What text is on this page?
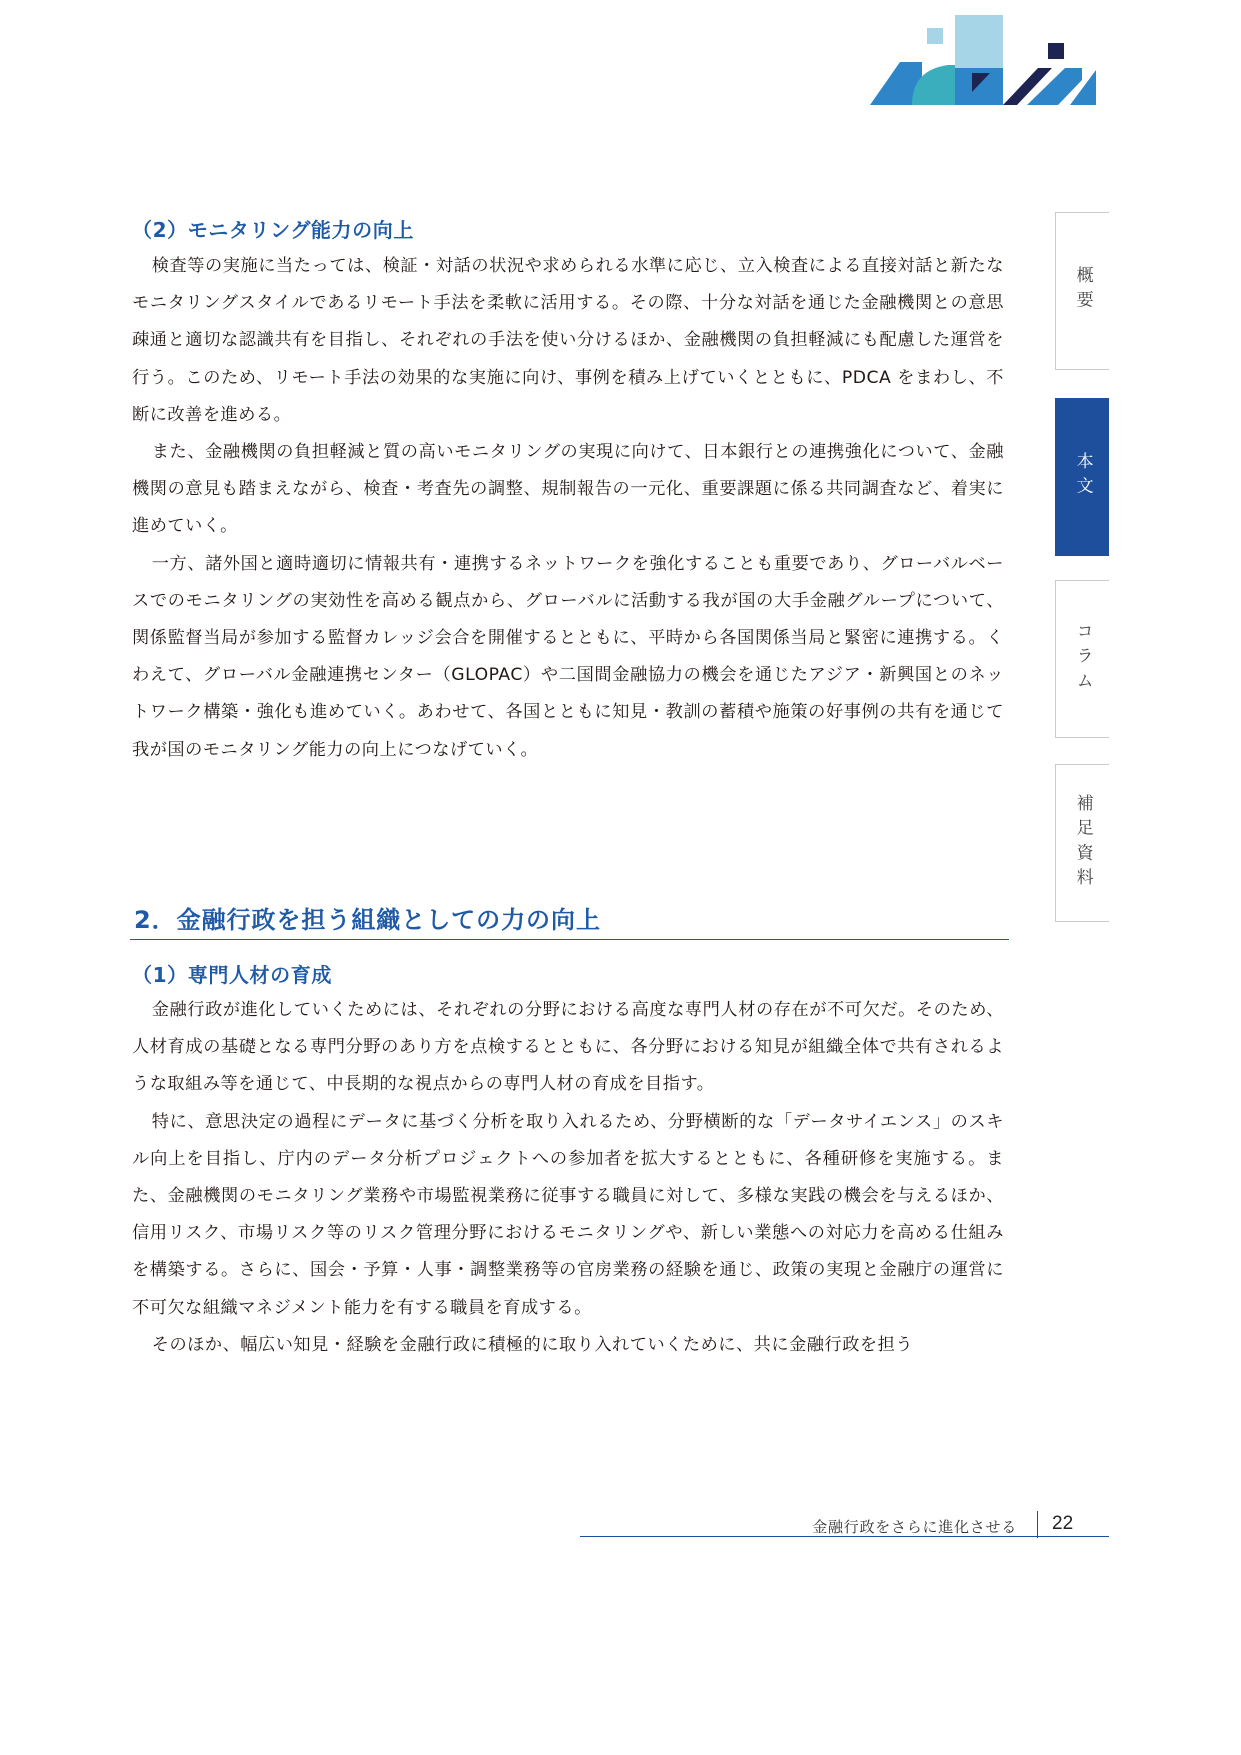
概要
本文
コラム
補足資料
（2）モニタリング能力の向上

検査等の実施に当たっては、検証・対話の状況や求められる水準に応じ、立入検査による直接対話と新たなモニタリングスタイルであるリモート手法を柔軟に活用する。その際、十分な対話を通じた金融機関との意思疎通と適切な認識共有を目指し、それぞれの手法を使い分けるほか、金融機関の負担軽減にも配慮した運営を行う。このため、リモート手法の効果的な実施に向け、事例を積み上げていくとともに、PDCA をまわし、不断に改善を進める。

また、金融機関の負担軽減と質の高いモニタリングの実現に向けて、日本銀行との連携強化について、金融機関の意見も踏まえながら、検査・考査先の調整、規制報告の一元化、重要課題に係る共同調査など、着実に進めていく。

一方、諸外国と適時適切に情報共有・連携するネットワークを強化することも重要であり、グローバルベースでのモニタリングの実効性を高める観点から、グローバルに活動する我が国の大手金融グループについて、関係監督当局が参加する監督カレッジ会合を開催するとともに、平時から各国関係当局と緊密に連携する。くわえて、グローバル金融連携センター（GLOPAC）や二国間金融協力の機会を通じたアジア・新興国とのネットワーク構築・強化も進めていく。あわせて、各国とともに知見・教訓の蓄積や施策の好事例の共有を通じて我が国のモニタリング能力の向上につなげていく。

2．金融行政を担う組織としての力の向上
（1）専門人材の育成

金融行政が進化していくためには、それぞれの分野における高度な専門人材の存在が不可欠だ。そのため、人材育成の基礎となる専門分野のあり方を点検するとともに、各分野における知見が組織全体で共有されるような取組み等を通じて、中長期的な視点からの専門人材の育成を目指す。

特に、意思決定の過程にデータに基づく分析を取り入れるため、分野横断的な「データサイエンス」のスキル向上を目指し、庁内のデータ分析プロジェクトへの参加者を拡大するとともに、各種研修を実施する。また、金融機関のモニタリング業務や市場監視業務に従事する職員に対して、多様な実践の機会を与えるほか、信用リスク、市場リスク等のリスク管理分野におけるモニタリングや、新しい業態への対応力を高める仕組みを構築する。さらに、国会・予算・人事・調整業務等の官房業務の経験を通じ、政策の実現と金融庁の運営に不可欠な組織マネジメント能力を有する職員を育成する。

そのほか、幅広い知見・経験を金融行政に積極的に取り入れていくために、共に金融行政を担う

金融行政をさらに進化させる 22
